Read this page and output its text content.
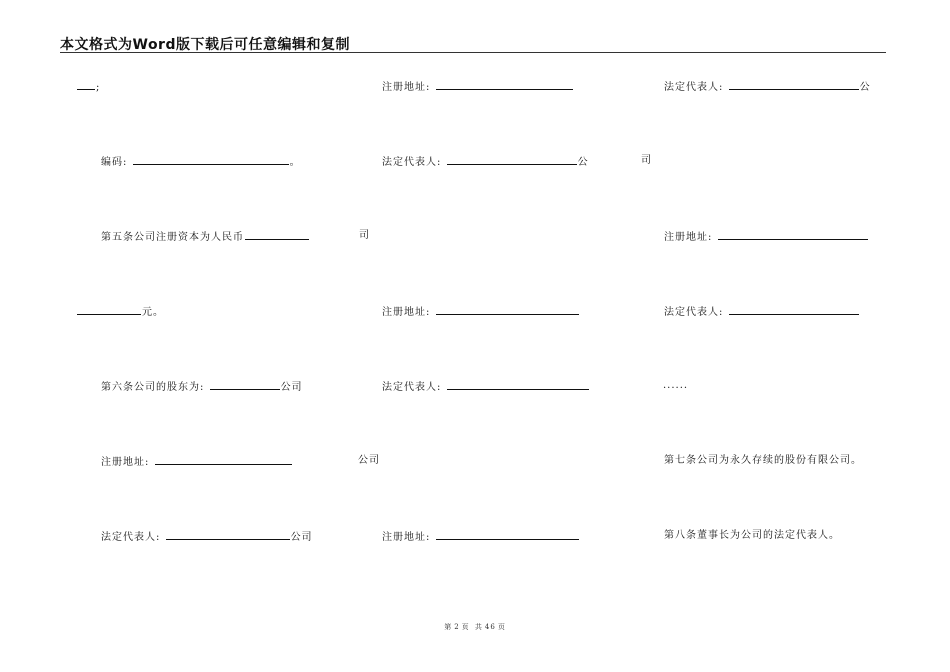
本文格式为Word版下载后可任意编辑和复制
;
编码:	。
第五条公司注册资本为人民币
元。
第六条公司的股东为:	公司
注册地址:
法定代表人:	公司
注册地址:
法定代表人:	公	司
司
注册地址:
法定代表人:
公司
注册地址:
法定代表人:	公
注册地址:
法定代表人:
......
第七条公司为永久存续的股份有限公司。
第八条董事长为公司的法定代表人。
第 2 页 共 46 页
